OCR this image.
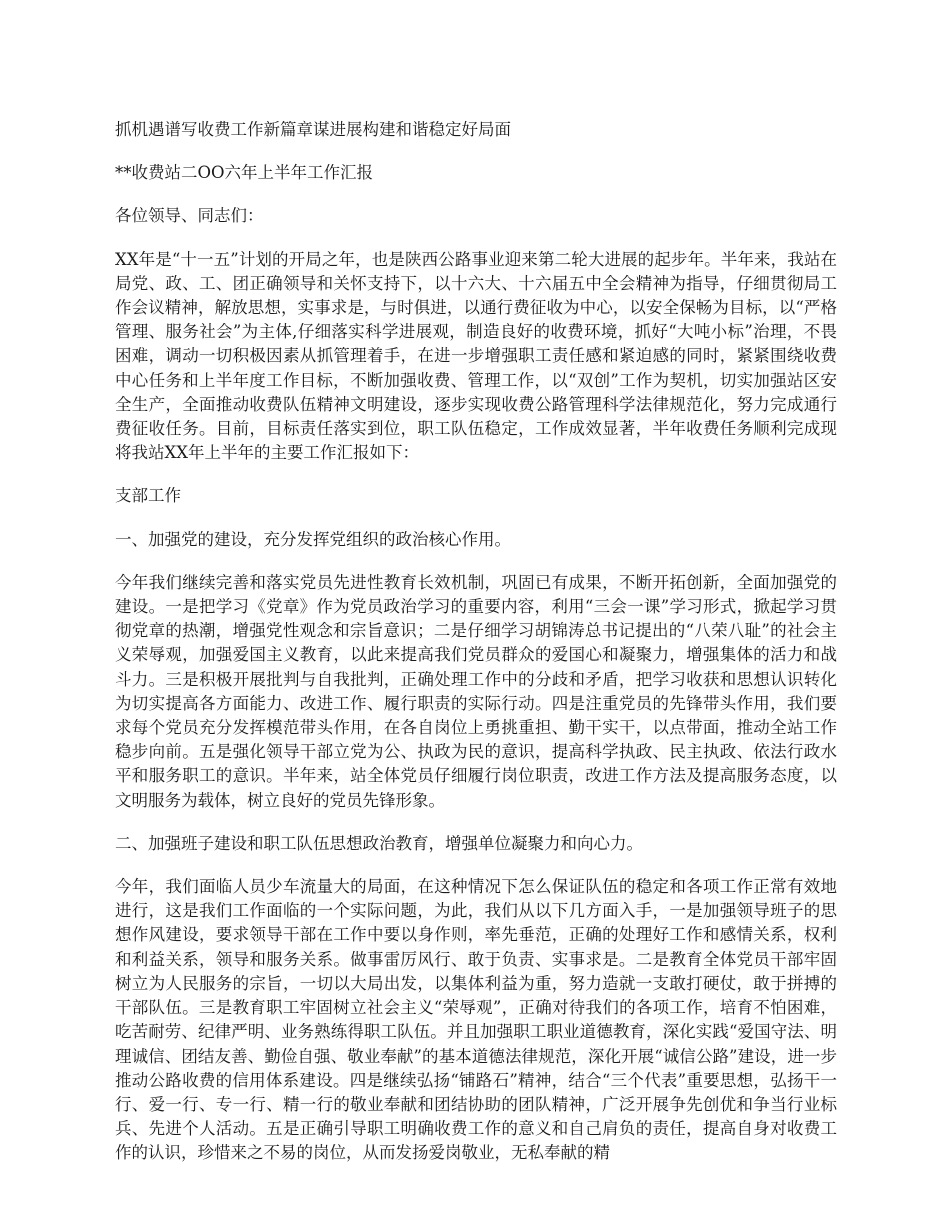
抓机遇谱写收费工作新篇章谋进展构建和谐稳定好局面

**收费站二OO六年上半年工作汇报

各位领导、同志们：

XX年是“十一五”计划的开局之年，也是陕西公路事业迎来第二轮大进展的起步年。半年来，我站在局党、政、工、团正确领导和关怀支持下，以十六大、十六届五中全会精神为指导，仔细贯彻局工作会议精神，解放思想，实事求是，与时俱进，以通行费征收为中心，以安全保畅为目标，以“严格管理、服务社会”为主体,仔细落实科学进展观，制造良好的收费环境，抓好“大吨小标”治理，不畏困难，调动一切积极因素从抓管理着手，在进一步增强职工责任感和紧迫感的同时，紧紧围绕收费中心任务和上半年度工作目标，不断加强收费、管理工作，以“双创”工作为契机，切实加强站区安全生产，全面推动收费队伍精神文明建设，逐步实现收费公路管理科学法律规范化，努力完成通行费征收任务。目前，目标责任落实到位，职工队伍稳定，工作成效显著，半年收费任务顺利完成现将我站XX年上半年的主要工作汇报如下：

支部工作

一、加强党的建设，充分发挥党组织的政治核心作用。

今年我们继续完善和落实党员先进性教育长效机制，巩固已有成果，不断开拓创新，全面加强党的建设。一是把学习《党章》作为党员政治学习的重要内容，利用“三会一课”学习形式，掀起学习贯彻党章的热潮，增强党性观念和宗旨意识；二是仔细学习胡锦涛总书记提出的“八荣八耻”的社会主义荣辱观，加强爱国主义教育，以此来提高我们党员群众的爱国心和凝聚力，增强集体的活力和战斗力。三是积极开展批判与自我批判，正确处理工作中的分歧和矛盾，把学习收获和思想认识转化为切实提高各方面能力、改进工作、履行职责的实际行动。四是注重党员的先锋带头作用，我们要求每个党员充分发挥模范带头作用，在各自岗位上勇挑重担、勤干实干，以点带面，推动全站工作稳步向前。五是强化领导干部立党为公、执政为民的意识，提高科学执政、民主执政、依法行政水平和服务职工的意识。半年来，站全体党员仔细履行岗位职责，改进工作方法及提高服务态度，以文明服务为载体，树立良好的党员先锋形象。

二、加强班子建设和职工队伍思想政治教育，增强单位凝聚力和向心力。

今年，我们面临人员少车流量大的局面，在这种情况下怎么保证队伍的稳定和各项工作正常有效地进行，这是我们工作面临的一个实际问题，为此，我们从以下几方面入手，一是加强领导班子的思想作风建设，要求领导干部在工作中要以身作则，率先垂范，正确的处理好工作和感情关系，权利和利益关系，领导和服务关系。做事雷厉风行、敢于负责、实事求是。二是教育全体党员干部牢固树立为人民服务的宗旨，一切以大局出发，以集体利益为重，努力造就一支敢打硬仗，敢于拼搏的干部队伍。三是教育职工牢固树立社会主义“荣辱观”，正确对待我们的各项工作，培育不怕困难，吃苦耐劳、纪律严明、业务熟练得职工队伍。并且加强职工职业道德教育，深化实践“爱国守法、明理诚信、团结友善、勤俭自强、敬业奉献”的基本道德法律规范，深化开展“诚信公路”建设，进一步推动公路收费的信用体系建设。四是继续弘扬“铺路石”精神，结合“三个代表”重要思想，弘扬干一行、爱一行、专一行、精一行的敬业奉献和团结协助的团队精神，广泛开展争先创优和争当行业标兵、先进个人活动。五是正确引导职工明确收费工作的意义和自己肩负的责任，提高自身对收费工作的认识，珍惜来之不易的岗位，从而发扬爱岗敬业，无私奉献的精
